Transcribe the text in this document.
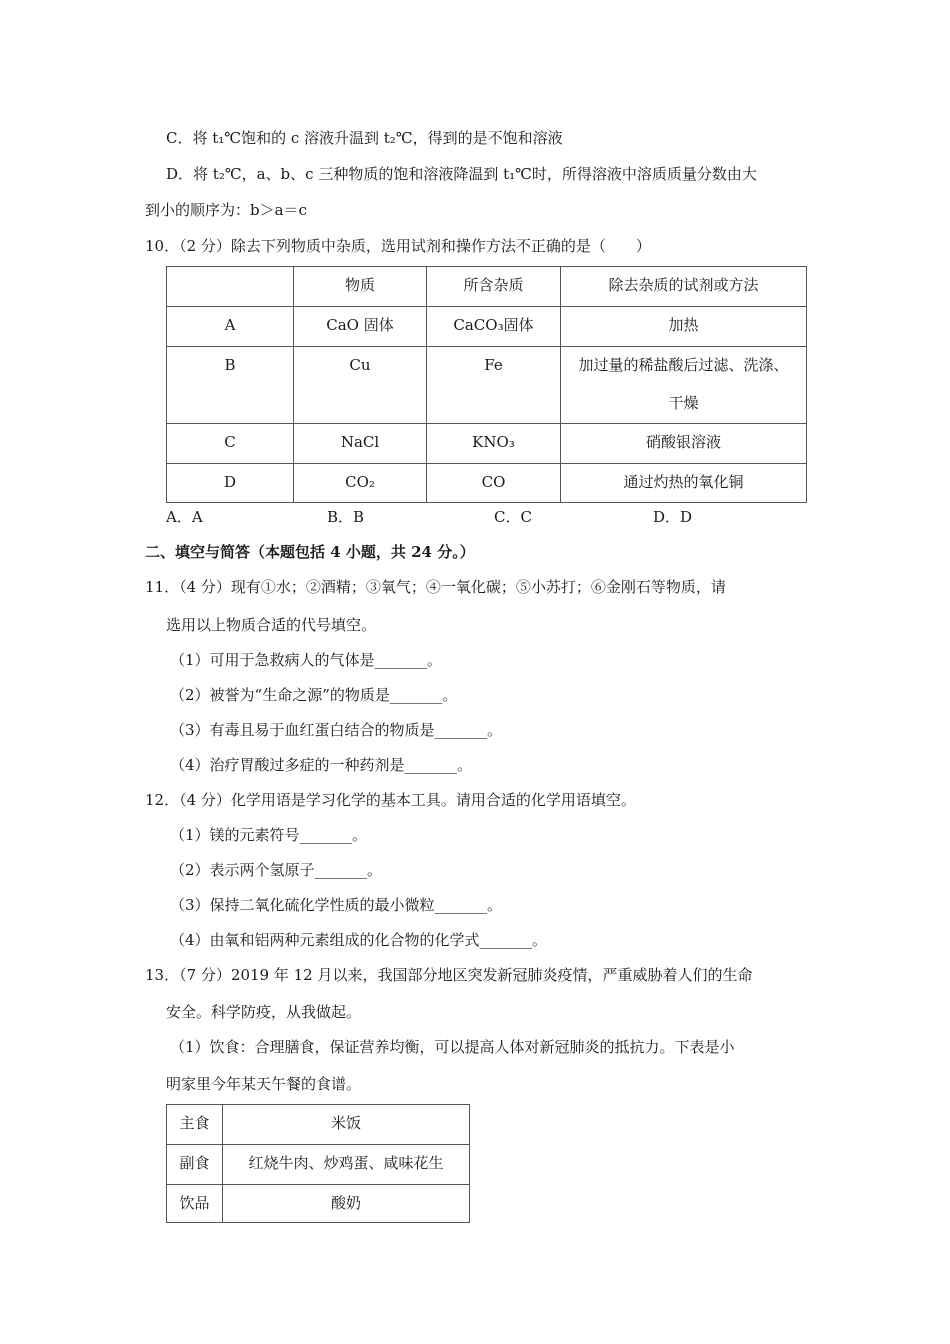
C．将 t₁℃饱和的 c 溶液升温到 t₂℃，得到的是不饱和溶液
D．将 t₂℃，a、b、c 三种物质的饱和溶液降温到 t₁℃时，所得溶液中溶质质量分数由大
到小的顺序为：b＞a＝c
10．（2 分）除去下列物质中杂质，选用试剂和操作方法不正确的是（　　）
	物质	所含杂质	除去杂质的试剂或方法
A	CaO 固体	CaCO₃固体	加热
B	Cu	Fe	加过量的稀盐酸后过滤、洗涤、
干燥

C	NaCl	KNO₃	硝酸银溶液
D	CO₂	CO	通过灼热的氧化铜
A．A	B．B	C．C	D．D
二、填空与简答（本题包括 4 小题，共 24 分。）
11．（4 分）现有①水；②酒精；③氧气；④一氧化碳；⑤小苏打；⑥金刚石等物质，请
选用以上物质合适的代号填空。
（1）可用于急救病人的气体是_______。
（2）被誉为“生命之源”的物质是_______。
（3）有毒且易于血红蛋白结合的物质是_______。
（4）治疗胃酸过多症的一种药剂是_______。
12．（4 分）化学用语是学习化学的基本工具。请用合适的化学用语填空。
（1）镁的元素符号_______。
（2）表示两个氢原子_______。
（3）保持二氧化硫化学性质的最小微粒_______。
（4）由氧和铝两种元素组成的化合物的化学式_______。
13．（7 分）2019 年 12 月以来，我国部分地区突发新冠肺炎疫情，严重威胁着人们的生命
安全。科学防疫，从我做起。
（1）饮食：合理膳食，保证营养均衡，可以提高人体对新冠肺炎的抵抗力。下表是小
明家里今年某天午餐的食谱。
主食	米饭
副食	红烧牛肉、炒鸡蛋、咸味花生
饮品	酸奶
